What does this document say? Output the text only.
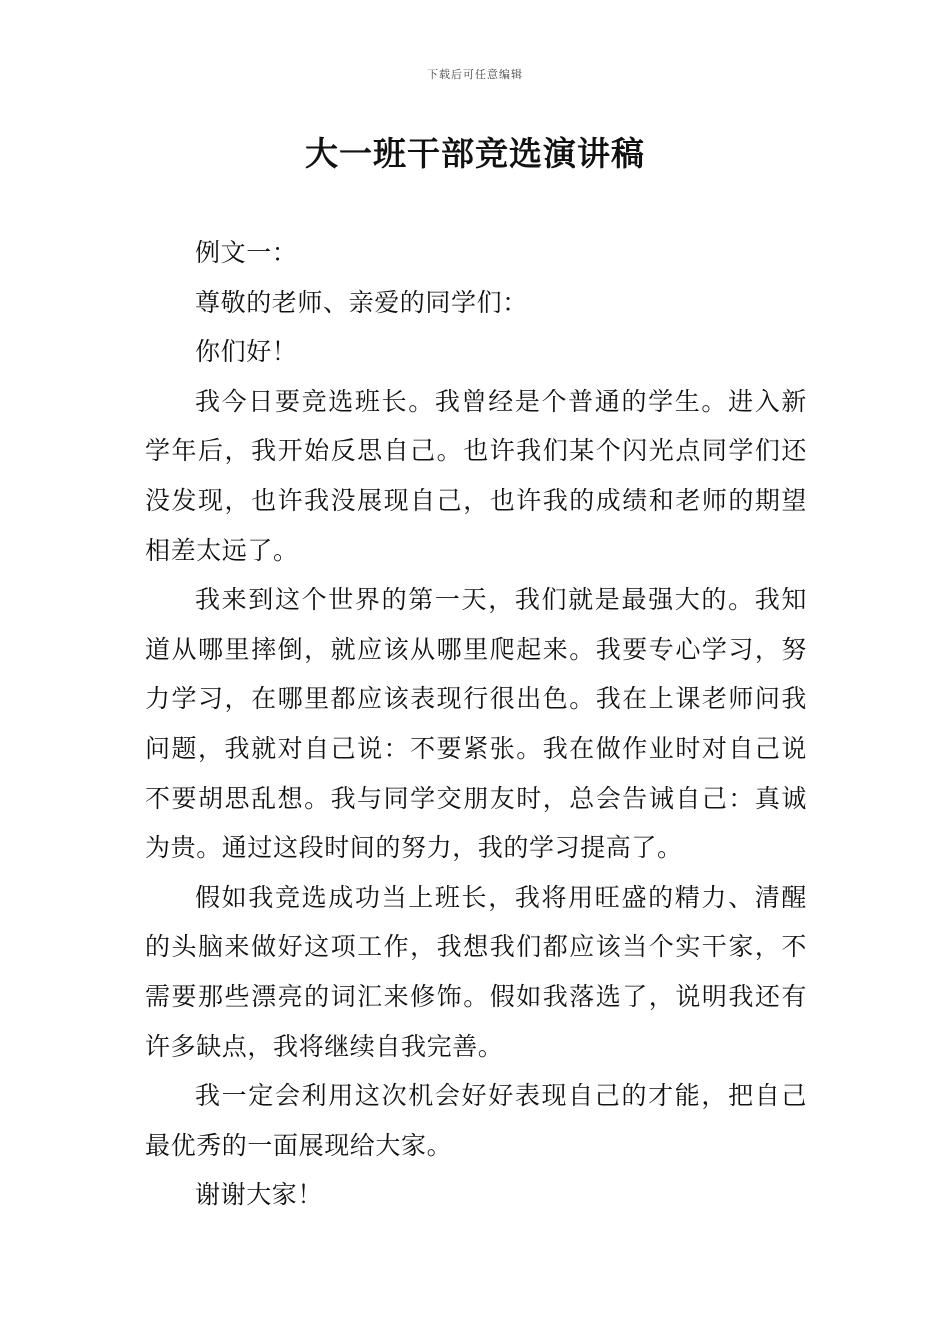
下载后可任意编辑
大一班干部竞选演讲稿

例文一：

尊敬的老师、亲爱的同学们：

你们好！

我今日要竞选班长。我曾经是个普通的学生。进入新学年后，我开始反思自己。也许我们某个闪光点同学们还没发现，也许我没展现自己，也许我的成绩和老师的期望相差太远了。

我来到这个世界的第一天，我们就是最强大的。我知道从哪里摔倒，就应该从哪里爬起来。我要专心学习，努力学习，在哪里都应该表现行很出色。我在上课老师问我问题，我就对自己说：不要紧张。我在做作业时对自己说不要胡思乱想。我与同学交朋友时，总会告诫自己：真诚为贵。通过这段时间的努力，我的学习提高了。

假如我竞选成功当上班长，我将用旺盛的精力、清醒的头脑来做好这项工作，我想我们都应该当个实干家，不需要那些漂亮的词汇来修饰。假如我落选了，说明我还有许多缺点，我将继续自我完善。

我一定会利用这次机会好好表现自己的才能，把自己最优秀的一面展现给大家。

谢谢大家！
